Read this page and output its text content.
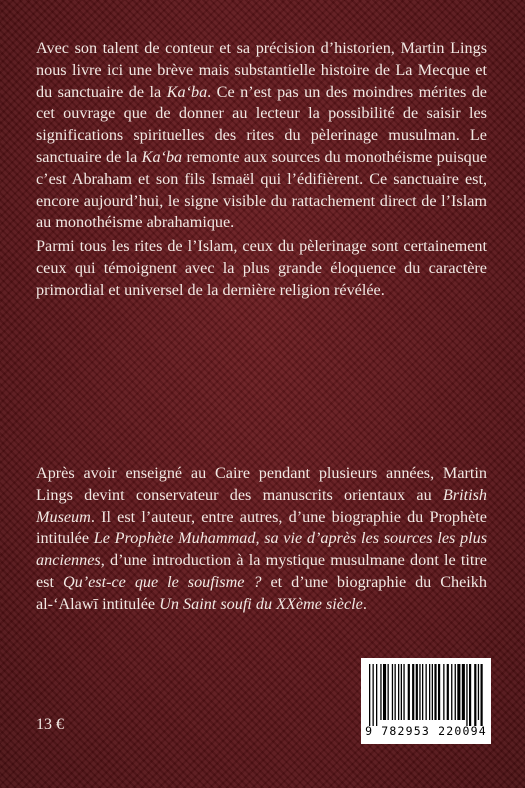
Avec son talent de conteur et sa précision d’historien, Martin Lings nous livre ici une brève mais substantielle histoire de La Mecque et du sanctuaire de la Ka‘ba. Ce n’est pas un des moindres mérites de cet ouvrage que de donner au lecteur la possibilité de saisir les significations spirituelles des rites du pèlerinage musulman. Le sanctuaire de la Ka‘ba remonte aux sources du monothéisme puisque c’est Abraham et son fils Ismaël qui l’édifièrent. Ce sanctuaire est, encore aujourd’hui, le signe visible du rattachement direct de l’Islam au monothéisme abrahamique.
Parmi tous les rites de l’Islam, ceux du pèlerinage sont certainement ceux qui témoignent avec la plus grande éloquence du caractère primordial et universel de la dernière religion révélée.
Après avoir enseigné au Caire pendant plusieurs années, Martin Lings devint conservateur des manuscrits orientaux au British Museum. Il est l’auteur, entre autres, d’une biographie du Prophète intitulée Le Prophète Muhammad, sa vie d’après les sources les plus anciennes, d’une introduction à la mystique musulmane dont le titre est Qu’est-ce que le soufisme ? et d’une biographie du Cheikh al-‘Alawī intitulée Un Saint soufi du XXème siècle.
13 €	9 782953 220094
